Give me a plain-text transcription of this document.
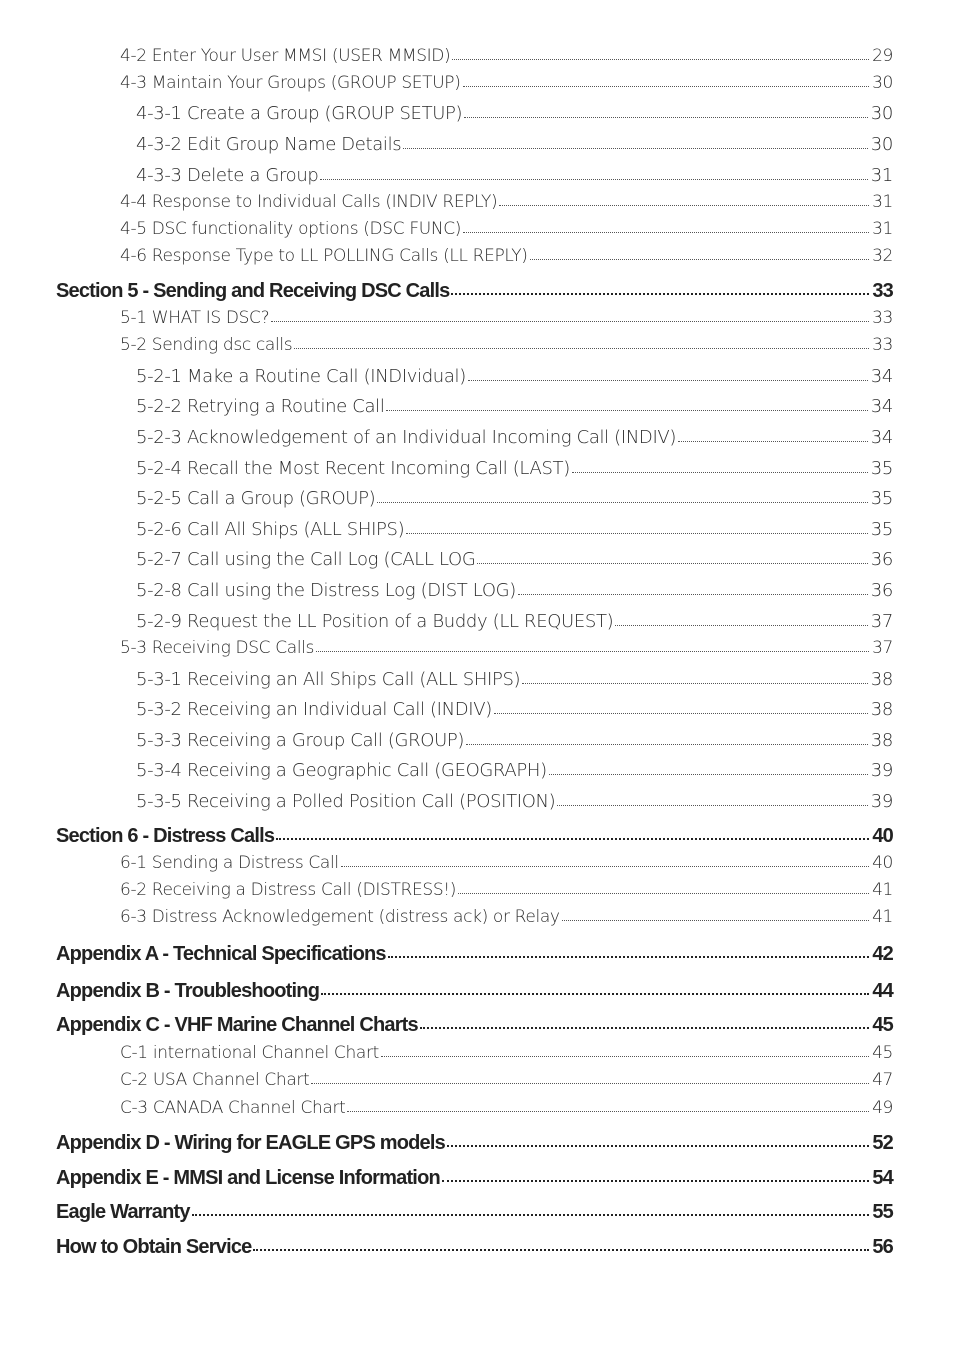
4-2 Enter Your User MMSI (USER MMSID)	29
4-3 Maintain Your Groups (GROUP SETUP)	30
4-3-1 Create a Group (GROUP SETUP)	30
4-3-2 Edit Group Name Details	30
4-3-3 Delete a Group	31
4-4 Response to Individual Calls (INDIV REPLY)	31
4-5 DSC functionality options (DSC FUNC)	31
4-6 Response Type to LL POLLING Calls (LL REPLY)	32
Section 5 - Sending and Receiving DSC Calls	33
5-1 WHAT IS DSC?	33
5-2 Sending dsc calls	33
5-2-1 Make a Routine Call (INDIvidual)	34
5-2-2 Retrying a Routine Call	34
5-2-3 Acknowledgement of an Individual Incoming Call (INDIV)	34
5-2-4 Recall the Most Recent Incoming Call (LAST)	35
5-2-5 Call a Group (GROUP)	35
5-2-6 Call All Ships (ALL SHIPS)	35
5-2-7 Call using the Call Log (CALL LOG	36
5-2-8 Call using the Distress Log (DIST LOG)	36
5-2-9 Request the LL Position of a Buddy (LL REQUEST)	37
5-3 Receiving DSC Calls	37
5-3-1 Receiving an All Ships Call (ALL SHIPS)	38
5-3-2 Receiving an Individual Call (INDIV)	38
5-3-3 Receiving a Group Call (GROUP)	38
5-3-4 Receiving a Geographic Call (GEOGRAPH)	39
5-3-5 Receiving a Polled Position Call (POSITION)	39
Section 6 - Distress Calls	40
6-1 Sending a Distress Call	40
6-2 Receiving a Distress Call (DISTRESS!)	41
6-3 Distress Acknowledgement (distress ack) or Relay	41
Appendix A - Technical Specifications	42
Appendix B - Troubleshooting	44
Appendix C - VHF Marine Channel Charts	45
C-1 international Channel Chart	45
C-2 USA Channel Chart	47
C-3 CANADA Channel Chart	49
Appendix D - Wiring for EAGLE GPS models	52
Appendix E - MMSI and License Information	54
Eagle Warranty	55
How to Obtain Service	56
